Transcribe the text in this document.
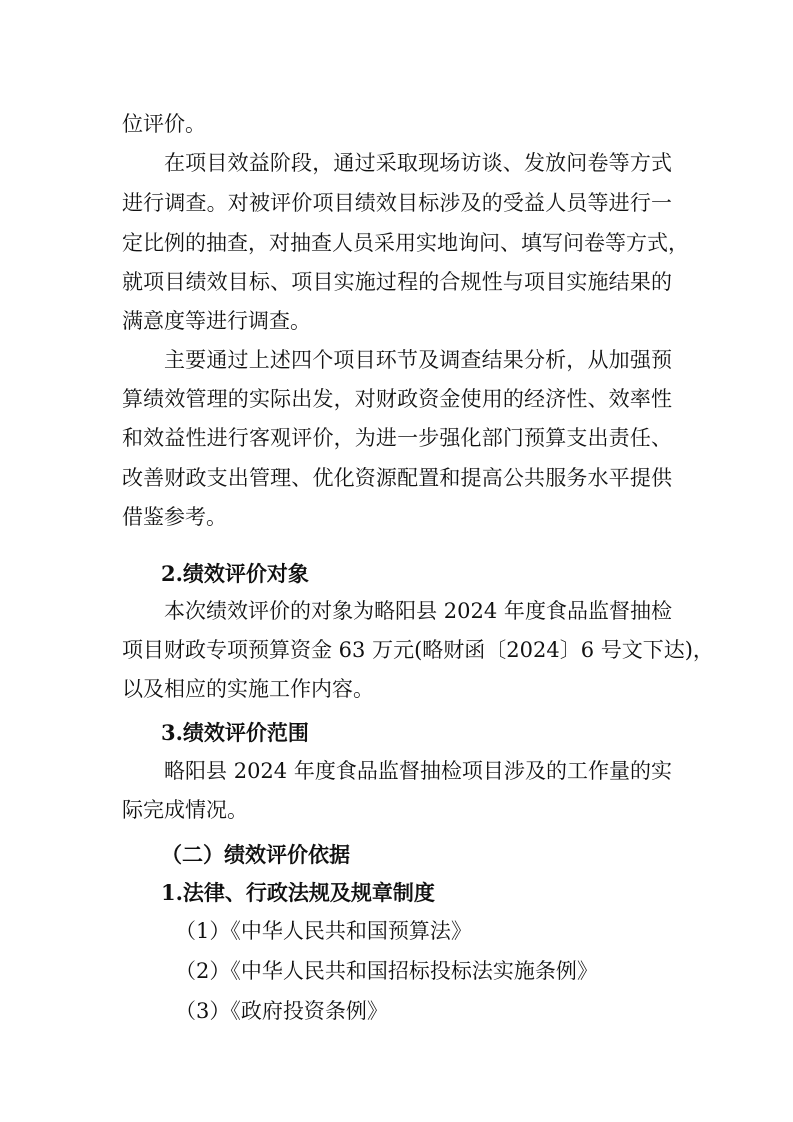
位评价。
在项目效益阶段，通过采取现场访谈、发放问卷等方式
进行调查。对被评价项目绩效目标涉及的受益人员等进行一
定比例的抽查，对抽查人员采用实地询问、填写问卷等方式，
就项目绩效目标、项目实施过程的合规性与项目实施结果的
满意度等进行调查。
主要通过上述四个项目环节及调查结果分析，从加强预
算绩效管理的实际出发，对财政资金使用的经济性、效率性
和效益性进行客观评价，为进一步强化部门预算支出责任、
改善财政支出管理、优化资源配置和提高公共服务水平提供
借鉴参考。
2.绩效评价对象
本次绩效评价的对象为略阳县 2024 年度食品监督抽检
项目财政专项预算资金 63 万元(略财函〔2024〕6 号文下达)，
以及相应的实施工作内容。
3.绩效评价范围
略阳县 2024 年度食品监督抽检项目涉及的工作量的实
际完成情况。
（二）绩效评价依据
1.法律、行政法规及规章制度
（1）《中华人民共和国预算法》
（2）《中华人民共和国招标投标法实施条例》
（3）《政府投资条例》
